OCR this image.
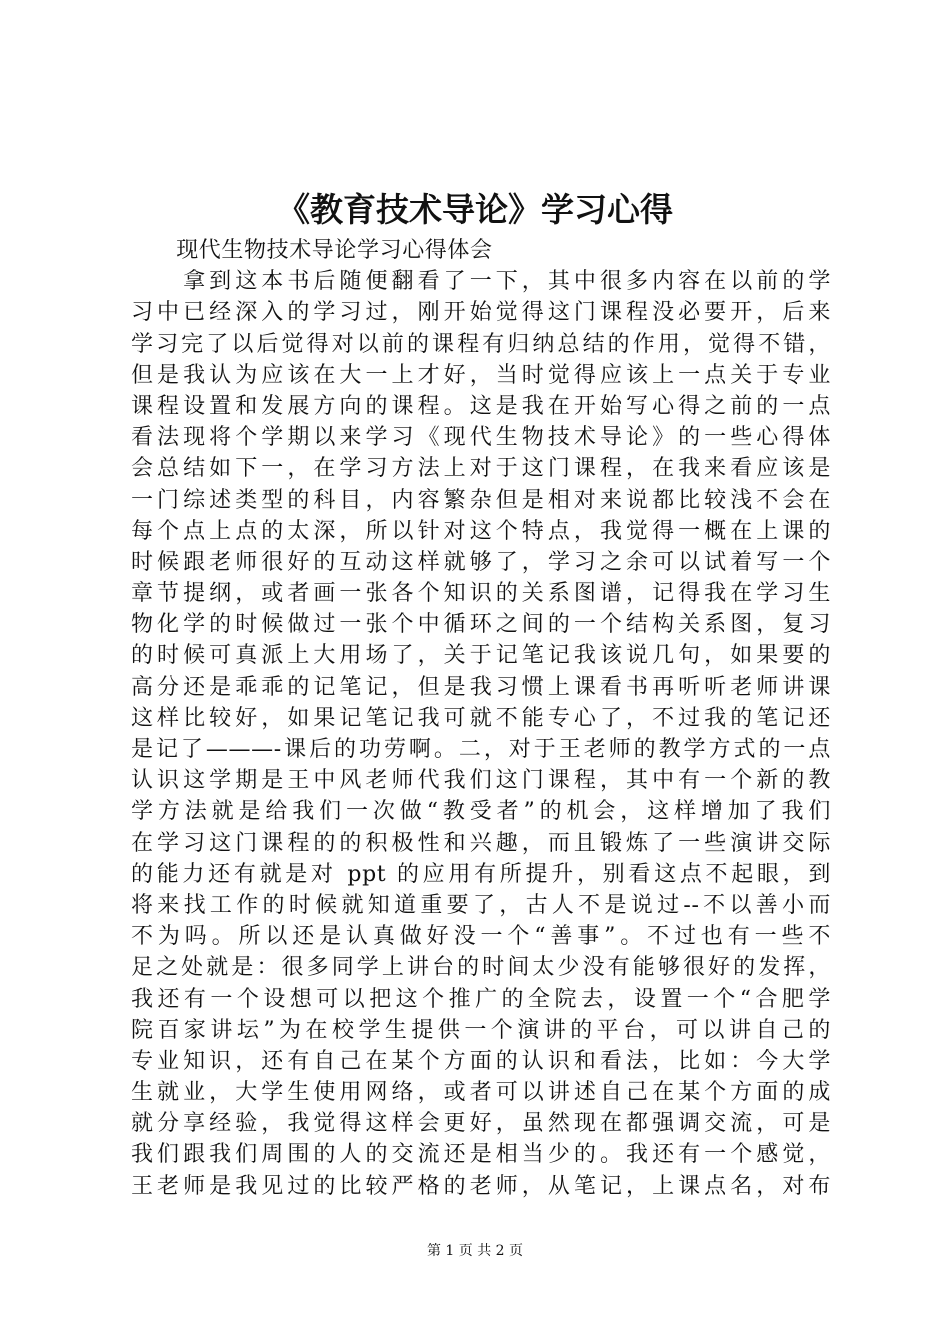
《教育技术导论》学习心得
　　现代生物技术导论学习心得体会
　　拿到这本书后随便翻看了一下，其中很多内容在以前的学
习中已经深入的学习过，刚开始觉得这门课程没必要开，后来
学习完了以后觉得对以前的课程有归纳总结的作用，觉得不错，
但是我认为应该在大一上才好，当时觉得应该上一点关于专业
课程设置和发展方向的课程。这是我在开始写心得之前的一点
看法现将个学期以来学习《现代生物技术导论》的一些心得体
会总结如下一，在学习方法上对于这门课程，在我来看应该是
一门综述类型的科目，内容繁杂但是相对来说都比较浅不会在
每个点上点的太深，所以针对这个特点，我觉得一概在上课的
时候跟老师很好的互动这样就够了，学习之余可以试着写一个
章节提纲，或者画一张各个知识的关系图谱，记得我在学习生
物化学的时候做过一张个中循环之间的一个结构关系图，复习
的时候可真派上大用场了，关于记笔记我该说几句，如果要的
高分还是乖乖的记笔记，但是我习惯上课看书再听听老师讲课
这样比较好，如果记笔记我可就不能专心了，不过我的笔记还
是记了———-课后的功劳啊。二，对于王老师的教学方式的一点
认识这学期是王中风老师代我们这门课程，其中有一个新的教
学方法就是给我们一次做“教受者”的机会，这样增加了我们
在学习这门课程的的积极性和兴趣，而且锻炼了一些演讲交际
的能力还有就是对 ppt 的应用有所提升，别看这点不起眼，到
将来找工作的时候就知道重要了，古人不是说过--不以善小而
不为吗。所以还是认真做好没一个“善事”。不过也有一些不
足之处就是：很多同学上讲台的时间太少没有能够很好的发挥，
我还有一个设想可以把这个推广的全院去，设置一个“合肥学
院百家讲坛”为在校学生提供一个演讲的平台，可以讲自己的
专业知识，还有自己在某个方面的认识和看法，比如：今大学
生就业，大学生使用网络，或者可以讲述自己在某个方面的成
就分享经验，我觉得这样会更好，虽然现在都强调交流，可是
我们跟我们周围的人的交流还是相当少的。我还有一个感觉，
王老师是我见过的比较严格的老师，从笔记，上课点名，对布
第 1 页 共 2 页
